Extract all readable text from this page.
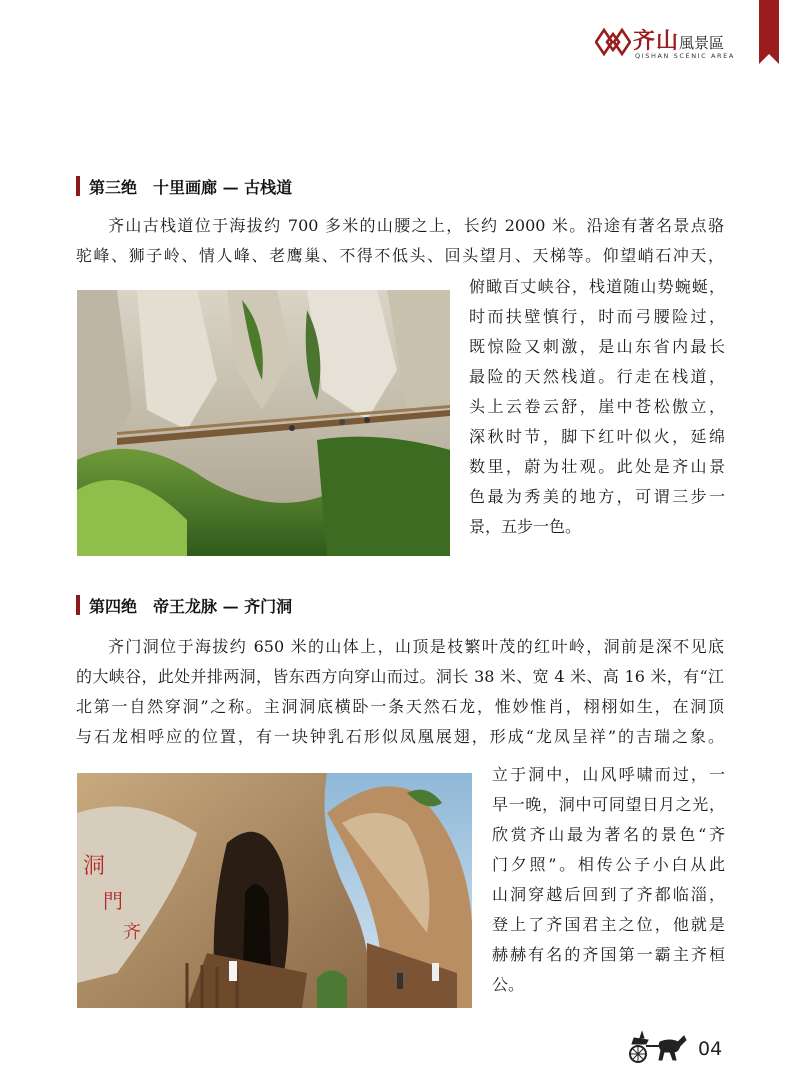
齐山風景區
QISHAN SCENIC AREA
第三绝　十里画廊 — 古栈道
齐山古栈道位于海拔约 700 多米的山腰之上，长约 2000 米。沿途有著名景点骆
驼峰、狮子岭、情人峰、老鹰巢、不得不低头、回头望月、天梯等。仰望峭石冲天，
俯瞰百丈峡谷，栈道随山势蜿蜒，
时而扶壁慎行，时而弓腰险过，
既惊险又刺激，是山东省内最长
最险的天然栈道。行走在栈道，
头上云卷云舒，崖中苍松傲立，
深秋时节，脚下红叶似火，延绵
数里，蔚为壮观。此处是齐山景
色最为秀美的地方，可谓三步一
景，五步一色。
第四绝　帝王龙脉 — 齐门洞
齐门洞位于海拔约 650 米的山体上，山顶是枝繁叶茂的红叶岭，洞前是深不见底
的大峡谷，此处并排两洞，皆东西方向穿山而过。洞长 38 米、宽 4 米、高 16 米，有“江
北第一自然穿洞”之称。主洞洞底横卧一条天然石龙，惟妙惟肖，栩栩如生，在洞顶
与石龙相呼应的位置，有一块钟乳石形似凤凰展翅，形成“龙凤呈祥”的吉瑞之象。
洞
門
齐
立于洞中，山风呼啸而过，一
早一晚，洞中可同望日月之光，
欣赏齐山最为著名的景色“齐
门夕照”。相传公子小白从此
山洞穿越后回到了齐都临淄，
登上了齐国君主之位，他就是
赫赫有名的齐国第一霸主齐桓
公。
04
